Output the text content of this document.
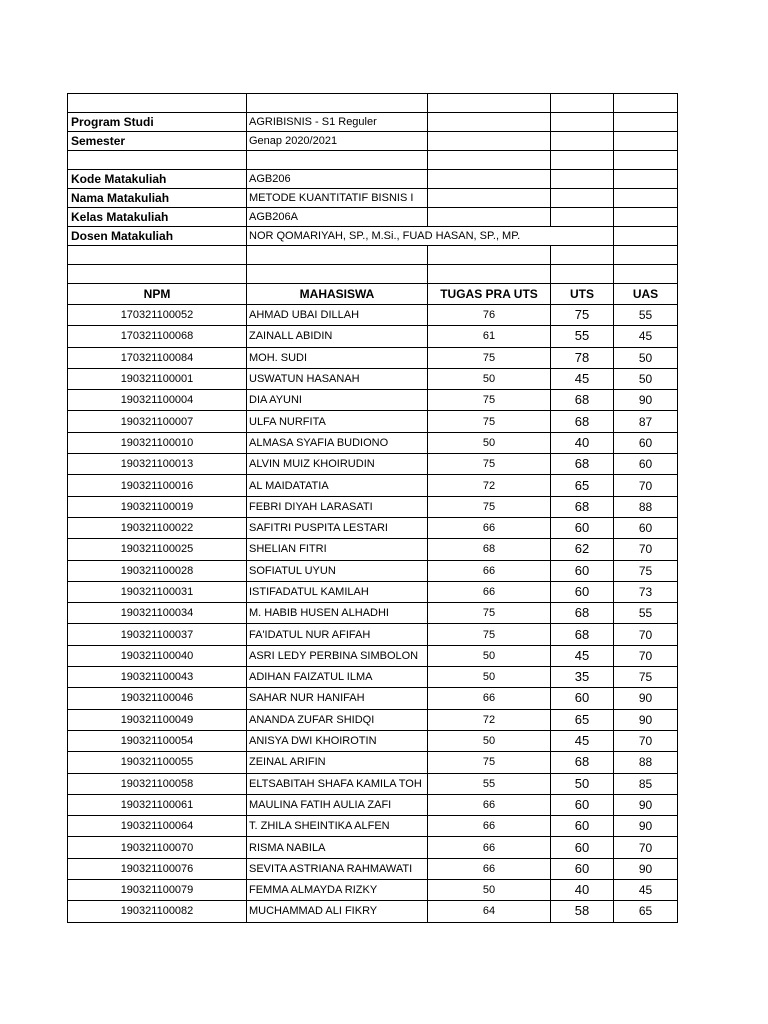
Program Studi	AGRIBISNIS - S1 Reguler			
Semester	Genap 2020/2021			

Kode Matakuliah	AGB206			
Nama Matakuliah	METODE KUANTITATIF BISNIS I			
Kelas Matakuliah	AGB206A			
Dosen Matakuliah	NOR QOMARIYAH, SP., M.Si., FUAD HASAN, SP., MP.			

NPM	MAHASISWA	TUGAS PRA UTS	UTS	UAS
170321100052	AHMAD UBAI DILLAH	76	75	55
170321100068	ZAINALL ABIDIN	61	55	45
170321100084	MOH. SUDI	75	78	50
190321100001	USWATUN HASANAH	50	45	50
190321100004	DIA AYUNI	75	68	90
190321100007	ULFA NURFITA	75	68	87
190321100010	ALMASA SYAFIA BUDIONO	50	40	60
190321100013	ALVIN MUIZ KHOIRUDIN	75	68	60
190321100016	AL MAIDATATIA	72	65	70
190321100019	FEBRI DIYAH LARASATI	75	68	88
190321100022	SAFITRI PUSPITA LESTARI	66	60	60
190321100025	SHELIAN FITRI	68	62	70
190321100028	SOFIATUL UYUN	66	60	75
190321100031	ISTIFADATUL KAMILAH	66	60	73
190321100034	M. HABIB HUSEN ALHADHI	75	68	55
190321100037	FA'IDATUL NUR AFIFAH	75	68	70
190321100040	ASRI LEDY PERBINA SIMBOLON	50	45	70
190321100043	ADIHAN FAIZATUL ILMA	50	35	75
190321100046	SAHAR NUR HANIFAH	66	60	90
190321100049	ANANDA ZUFAR SHIDQI	72	65	90
190321100054	ANISYA DWI KHOIROTIN	50	45	70
190321100055	ZEINAL ARIFIN	75	68	88
190321100058	ELTSABITAH SHAFA KAMILA TOH	55	50	85
190321100061	MAULINA FATIH AULIA ZAFI	66	60	90
190321100064	T. ZHILA SHEINTIKA ALFEN	66	60	90
190321100070	RISMA NABILA	66	60	70
190321100076	SEVITA ASTRIANA RAHMAWATI	66	60	90
190321100079	FEMMA ALMAYDA RIZKY	50	40	45
190321100082	MUCHAMMAD ALI FIKRY	64	58	65
